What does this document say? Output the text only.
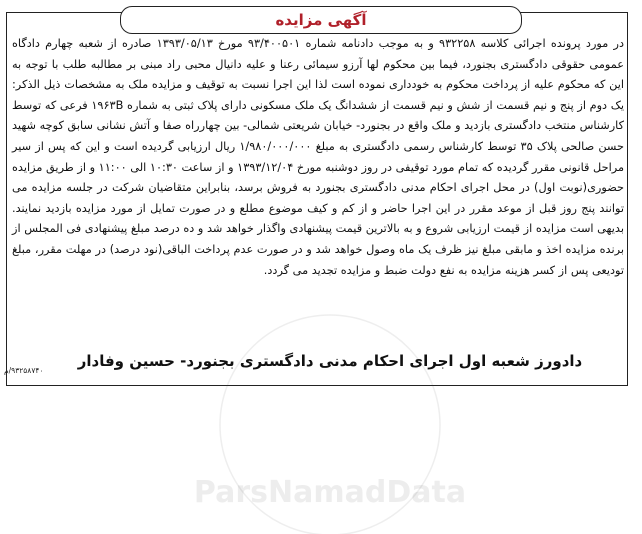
آگهی مزایده

در مورد پرونده اجرائی کلاسه ۹۳۲۲۵۸ و به موجب دادنامه شماره ۹۳/۴۰۰۵۰۱ مورخ ۱۳۹۳/۰۵/۱۳ صادره از شعبه چهارم دادگاه عمومی حقوقی دادگستری بجنورد، فیما بین محکوم لها آرزو سیمائی رعنا و علیه دانیال محبی راد مبنی بر مطالبه طلب با توجه به این که محکوم علیه از پرداخت محکوم به خودداری نموده است لذا این اجرا نسبت به توقیف و مزایده ملک به مشخصات ذیل الذکر: یک دوم از پنج و نیم قسمت از شش و نیم قسمت از ششدانگ یک ملک مسکونی دارای پلاک ثبتی به شماره ۱۹۶۳B فرعی که توسط کارشناس منتخب دادگستری بازدید و ملک واقع در بجنورد- خیابان شریعتی شمالی- بین چهارراه صفا و آتش نشانی سابق کوچه شهید حسن صالحی پلاک ۳۵ توسط کارشناس رسمی دادگستری به مبلغ ۱/۹۸۰/۰۰۰/۰۰۰ ریال ارزیابی گردیده است و این که پس از سیر مراحل قانونی مقرر گردیده که تمام مورد توقیفی در روز دوشنبه مورخ ۱۳۹۳/۱۲/۰۴ و از ساعت ۱۰:۳۰ الی ۱۱:۰۰ و از طریق مزایده حضوری(نوبت اول) در محل اجرای احکام مدنی دادگستری بجنورد به فروش برسد، بنابراین متقاضیان شرکت در جلسه مزایده می توانند پنج روز قبل از موعد مقرر در این اجرا حاضر و از کم و کیف موضوع مطلع و در صورت تمایل از مورد مزایده بازدید نمایند. بدیهی است مزایده از قیمت ارزیابی شروع و به بالاترین قیمت پیشنهادی واگذار خواهد شد و ده درصد مبلغ پیشنهادی فی المجلس از برنده مزایده اخذ و مابقی مبلغ نیز ظرف یک ماه وصول خواهد شد و در صورت عدم پرداخت الباقی(نود درصد) در مهلت مقرر، مبلغ تودیعی پس از کسر هزینه مزایده به نفع دولت ضبط و مزایده تجدید می گردد.

دادورز شعبه اول اجرای احکام مدنی دادگستری بجنورد- حسین وفادار
۹۳۲۵۸۷۴۰/م
ParsNamadData
